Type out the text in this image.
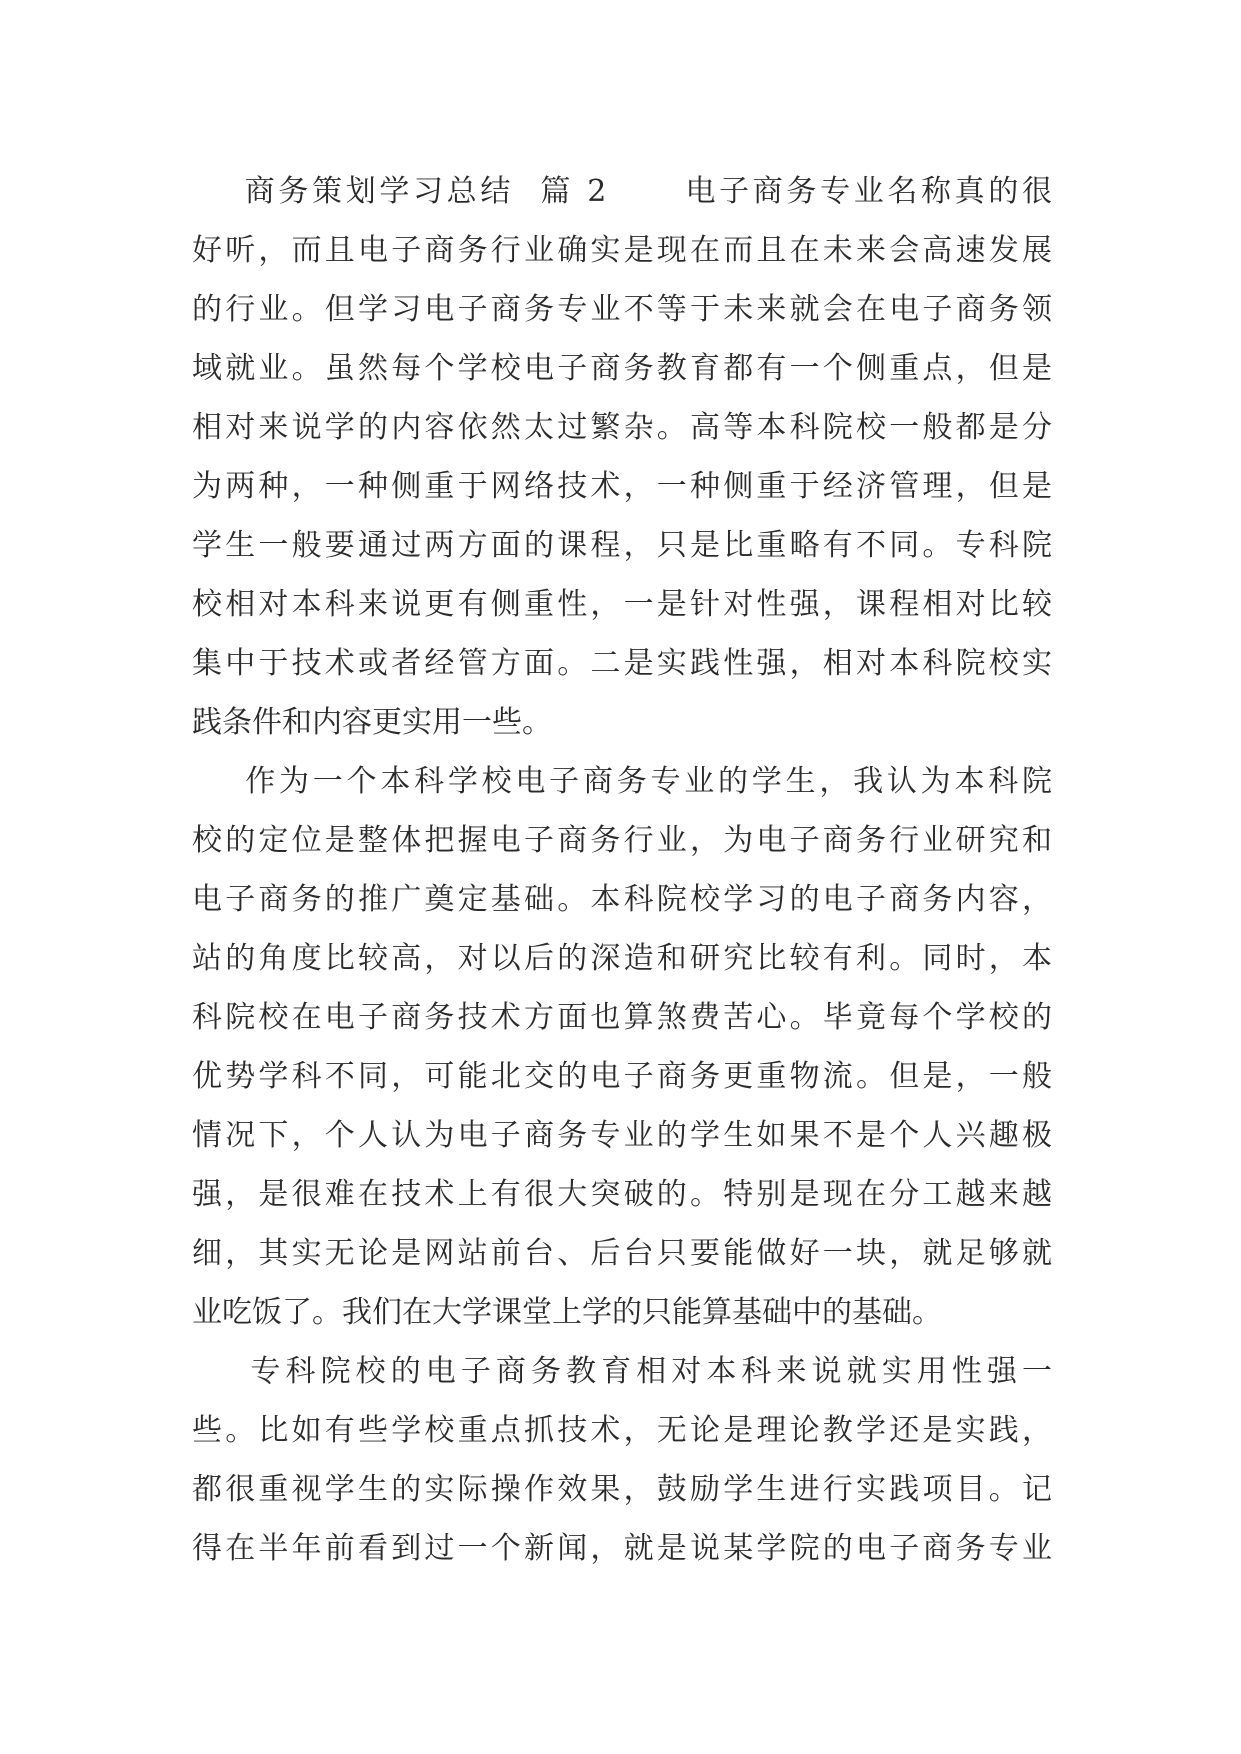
商务策划学习总结  篇 2      电子商务专业名称真的很
好听，而且电子商务行业确实是现在而且在未来会高速发展
的行业。但学习电子商务专业不等于未来就会在电子商务领
域就业。虽然每个学校电子商务教育都有一个侧重点，但是
相对来说学的内容依然太过繁杂。高等本科院校一般都是分
为两种，一种侧重于网络技术，一种侧重于经济管理，但是
学生一般要通过两方面的课程，只是比重略有不同。专科院
校相对本科来说更有侧重性，一是针对性强，课程相对比较
集中于技术或者经管方面。二是实践性强，相对本科院校实
践条件和内容更实用一些。
作为一个本科学校电子商务专业的学生，我认为本科院
校的定位是整体把握电子商务行业，为电子商务行业研究和
电子商务的推广奠定基础。本科院校学习的电子商务内容，
站的角度比较高，对以后的深造和研究比较有利。同时，本
科院校在电子商务技术方面也算煞费苦心。毕竟每个学校的
优势学科不同，可能北交的电子商务更重物流。但是，一般
情况下，个人认为电子商务专业的学生如果不是个人兴趣极
强，是很难在技术上有很大突破的。特别是现在分工越来越
细，其实无论是网站前台、后台只要能做好一块，就足够就
业吃饭了。我们在大学课堂上学的只能算基础中的基础。
专科院校的电子商务教育相对本科来说就实用性强一
些。比如有些学校重点抓技术，无论是理论教学还是实践，
都很重视学生的实际操作效果，鼓励学生进行实践项目。记
得在半年前看到过一个新闻，就是说某学院的电子商务专业
